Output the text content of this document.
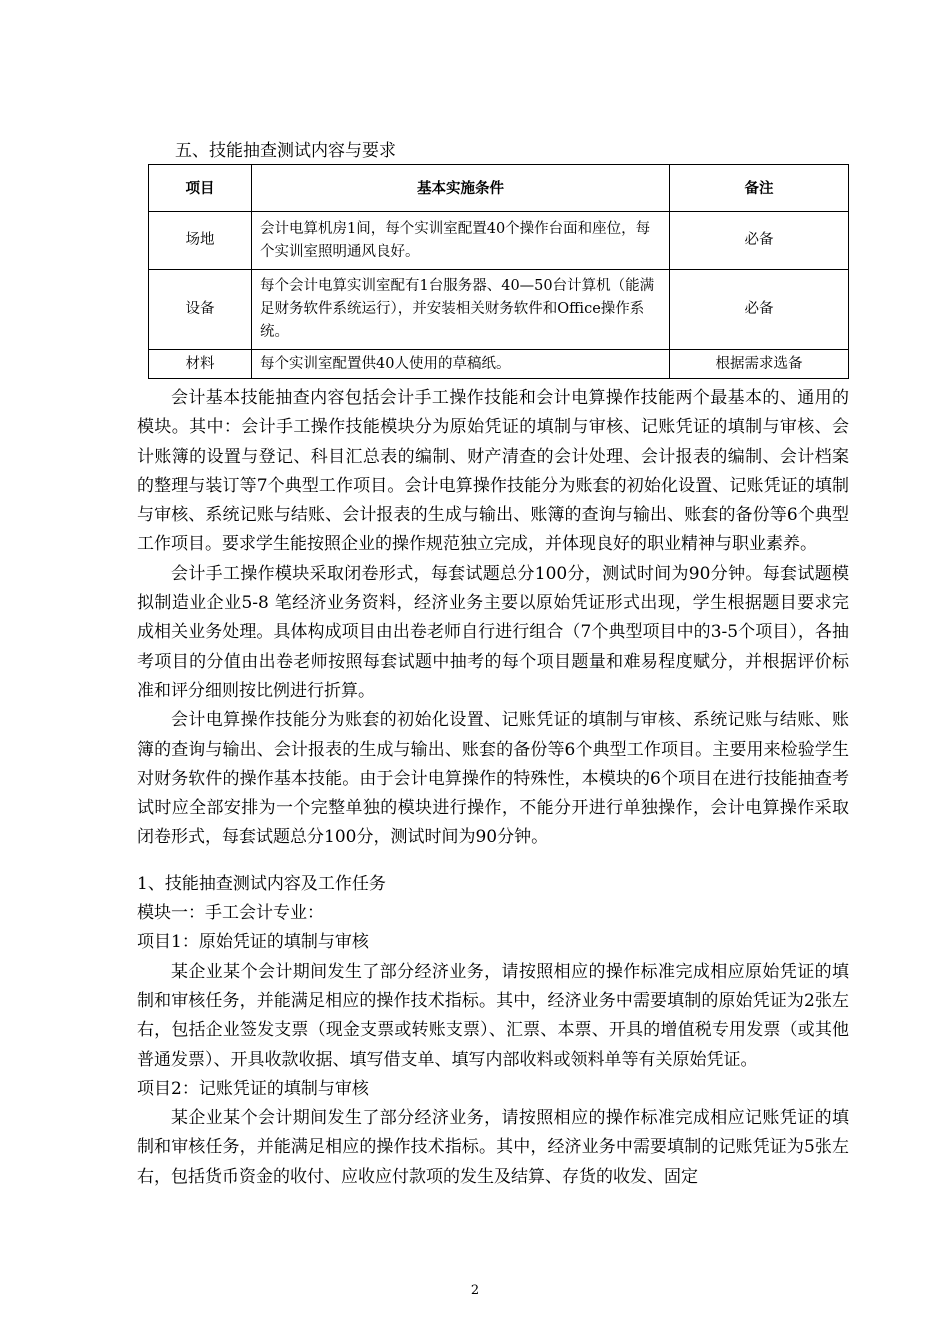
五、技能抽查测试内容与要求
项目	基本实施条件	备注
场地	会计电算机房1间，每个实训室配置40个操作台面和座位，每个实训室照明通风良好。	必备
设备	每个会计电算实训室配有1台服务器、40—50台计算机（能满足财务软件系统运行），并安装相关财务软件和Office操作系统。	必备
材料	每个实训室配置供40人使用的草稿纸。	根据需求选备

会计基本技能抽查内容包括会计手工操作技能和会计电算操作技能两个最基本的、通用的模块。其中：会计手工操作技能模块分为原始凭证的填制与审核、记账凭证的填制与审核、会计账簿的设置与登记、科目汇总表的编制、财产清查的会计处理、会计报表的编制、会计档案的整理与装订等7个典型工作项目。会计电算操作技能分为账套的初始化设置、记账凭证的填制与审核、系统记账与结账、会计报表的生成与输出、账簿的查询与输出、账套的备份等6个典型工作项目。要求学生能按照企业的操作规范独立完成，并体现良好的职业精神与职业素养。

会计手工操作模块采取闭卷形式，每套试题总分100分，测试时间为90分钟。每套试题模拟制造业企业5-8 笔经济业务资料，经济业务主要以原始凭证形式出现，学生根据题目要求完成相关业务处理。具体构成项目由出卷老师自行进行组合（7个典型项目中的3-5个项目），各抽考项目的分值由出卷老师按照每套试题中抽考的每个项目题量和难易程度赋分，并根据评价标准和评分细则按比例进行折算。

会计电算操作技能分为账套的初始化设置、记账凭证的填制与审核、系统记账与结账、账簿的查询与输出、会计报表的生成与输出、账套的备份等6个典型工作项目。主要用来检验学生对财务软件的操作基本技能。由于会计电算操作的特殊性，本模块的6个项目在进行技能抽查考试时应全部安排为一个完整单独的模块进行操作，不能分开进行单独操作，会计电算操作采取闭卷形式，每套试题总分100分，测试时间为90分钟。

1、技能抽查测试内容及工作任务

模块一：手工会计专业：

项目1：原始凭证的填制与审核

某企业某个会计期间发生了部分经济业务，请按照相应的操作标准完成相应原始凭证的填制和审核任务，并能满足相应的操作技术指标。其中，经济业务中需要填制的原始凭证为2张左右，包括企业签发支票（现金支票或转账支票）、汇票、本票、开具的增值税专用发票（或其他普通发票）、开具收款收据、填写借支单、填写内部收料或领料单等有关原始凭证。

项目2：记账凭证的填制与审核

某企业某个会计期间发生了部分经济业务，请按照相应的操作标准完成相应记账凭证的填制和审核任务，并能满足相应的操作技术指标。其中，经济业务中需要填制的记账凭证为5张左右，包括货币资金的收付、应收应付款项的发生及结算、存货的收发、固定

2
